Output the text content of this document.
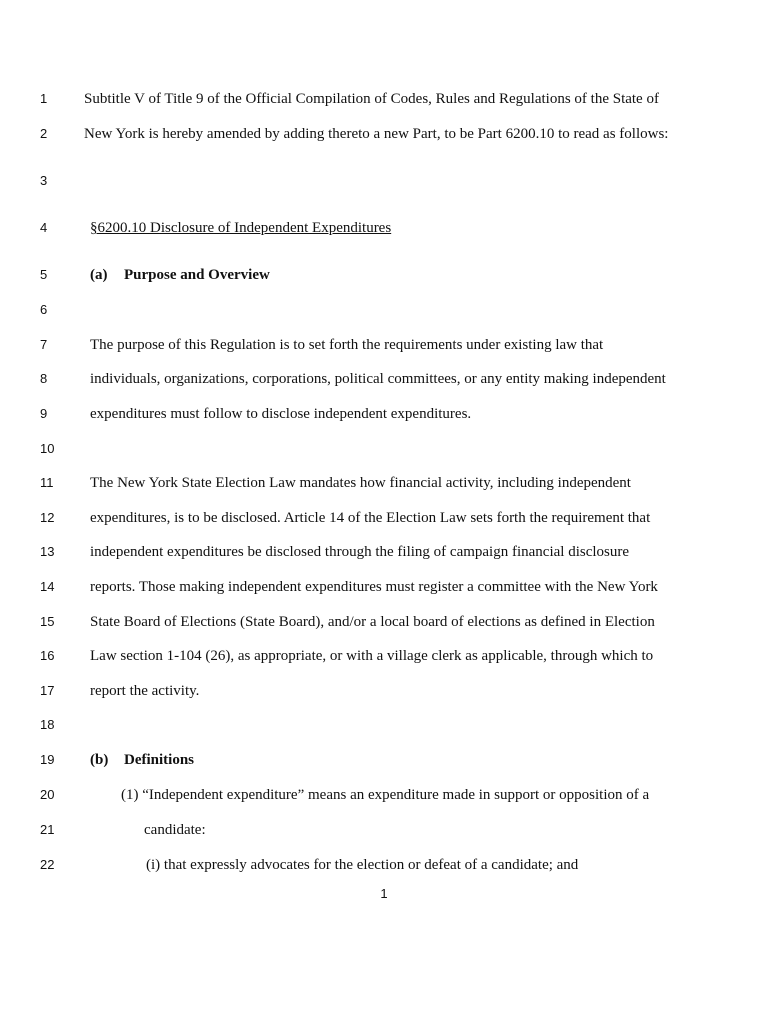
1	Subtitle V of Title 9 of the Official Compilation of Codes, Rules and Regulations of the State of
2	New York is hereby amended by adding thereto a new Part, to be Part 6200.10 to read as follows:
3
4	§6200.10 Disclosure of Independent Expenditures
5	(a) Purpose and Overview
6
7	The purpose of this Regulation is to set forth the requirements under existing law that
8	individuals, organizations, corporations, political committees, or any entity making independent
9	expenditures must follow to disclose independent expenditures.
10
11	The New York State Election Law mandates how financial activity, including independent
12	expenditures, is to be disclosed. Article 14 of the Election Law sets forth the requirement that
13	independent expenditures be disclosed through the filing of campaign financial disclosure
14	reports. Those making independent expenditures must register a committee with the New York
15	State Board of Elections (State Board), and/or a local board of elections as defined in Election
16	Law section 1-104 (26), as appropriate, or with a village clerk as applicable, through which to
17	report the activity.
18
19	(b) Definitions
20	(1) “Independent expenditure” means an expenditure made in support or opposition of a
21	candidate:
22	(i) that expressly advocates for the election or defeat of a candidate; and
1
